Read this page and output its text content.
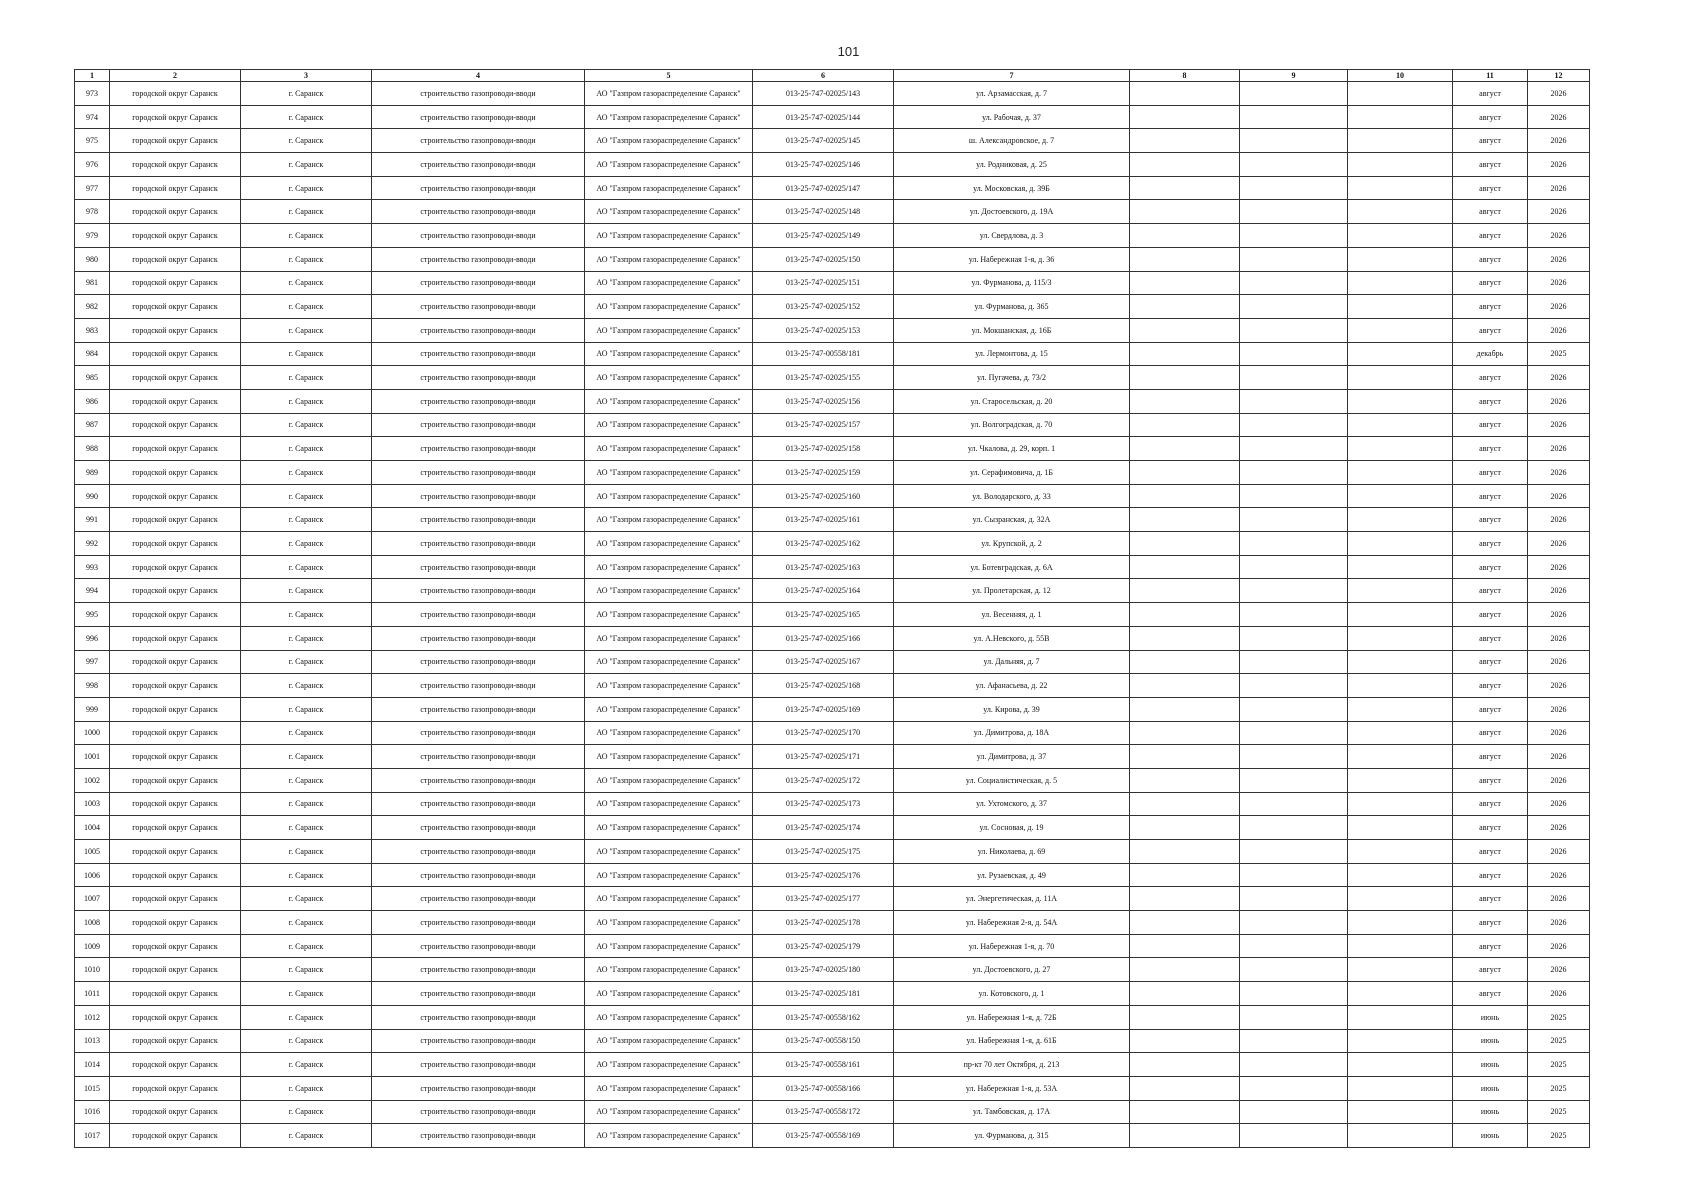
101
1	2	3	4	5	6	7	8	9	10	11	12
973	городской округ Саранск	г. Саранск	строительство газопроводи-вводи	АО "Газпром газораспределение Саранск"	013-25-747-02025/143	ул. Арзамасская, д. 7				август	2026
974	городской округ Саранск	г. Саранск	строительство газопроводи-вводи	АО "Газпром газораспределение Саранск"	013-25-747-02025/144	ул. Рабочая, д. 37				август	2026
975	городской округ Саранск	г. Саранск	строительство газопроводи-вводи	АО "Газпром газораспределение Саранск"	013-25-747-02025/145	ш. Александровское, д. 7				август	2026
976	городской округ Саранск	г. Саранск	строительство газопроводи-вводи	АО "Газпром газораспределение Саранск"	013-25-747-02025/146	ул. Родниковая, д. 25				август	2026
977	городской округ Саранск	г. Саранск	строительство газопроводи-вводи	АО "Газпром газораспределение Саранск"	013-25-747-02025/147	ул. Московская, д. 39Б				август	2026
978	городской округ Саранск	г. Саранск	строительство газопроводи-вводи	АО "Газпром газораспределение Саранск"	013-25-747-02025/148	ул. Достоевского, д. 19А				август	2026
979	городской округ Саранск	г. Саранск	строительство газопроводи-вводи	АО "Газпром газораспределение Саранск"	013-25-747-02025/149	ул. Свердлова, д. 3				август	2026
980	городской округ Саранск	г. Саранск	строительство газопроводи-вводи	АО "Газпром газораспределение Саранск"	013-25-747-02025/150	ул. Набережная 1-я, д. 36				август	2026
981	городской округ Саранск	г. Саранск	строительство газопроводи-вводи	АО "Газпром газораспределение Саранск"	013-25-747-02025/151	ул. Фурманова, д. 115/3				август	2026
982	городской округ Саранск	г. Саранск	строительство газопроводи-вводи	АО "Газпром газораспределение Саранск"	013-25-747-02025/152	ул. Фурманова, д. 365				август	2026
983	городской округ Саранск	г. Саранск	строительство газопроводи-вводи	АО "Газпром газораспределение Саранск"	013-25-747-02025/153	ул. Мокшанская, д. 16Б				август	2026
984	городской округ Саранск	г. Саранск	строительство газопроводи-вводи	АО "Газпром газораспределение Саранск"	013-25-747-00558/181	ул. Лермонтова, д. 15				декабрь	2025
985	городской округ Саранск	г. Саранск	строительство газопроводи-вводи	АО "Газпром газораспределение Саранск"	013-25-747-02025/155	ул. Пугачева, д. 73/2				август	2026
986	городской округ Саранск	г. Саранск	строительство газопроводи-вводи	АО "Газпром газораспределение Саранск"	013-25-747-02025/156	ул. Старосельская, д. 20				август	2026
987	городской округ Саранск	г. Саранск	строительство газопроводи-вводи	АО "Газпром газораспределение Саранск"	013-25-747-02025/157	ул. Волгоградская, д. 70				август	2026
988	городской округ Саранск	г. Саранск	строительство газопроводи-вводи	АО "Газпром газораспределение Саранск"	013-25-747-02025/158	ул. Чкалова, д. 29, корп. 1				август	2026
989	городской округ Саранск	г. Саранск	строительство газопроводи-вводи	АО "Газпром газораспределение Саранск"	013-25-747-02025/159	ул. Серафимовича, д. 1Б				август	2026
990	городской округ Саранск	г. Саранск	строительство газопроводи-вводи	АО "Газпром газораспределение Саранск"	013-25-747-02025/160	ул. Володарского, д. 33				август	2026
991	городской округ Саранск	г. Саранск	строительство газопроводи-вводи	АО "Газпром газораспределение Саранск"	013-25-747-02025/161	ул. Сызранская, д. 32А				август	2026
992	городской округ Саранск	г. Саранск	строительство газопроводи-вводи	АО "Газпром газораспределение Саранск"	013-25-747-02025/162	ул. Крупской, д. 2				август	2026
993	городской округ Саранск	г. Саранск	строительство газопроводи-вводи	АО "Газпром газораспределение Саранск"	013-25-747-02025/163	ул. Ботевградская, д. 6А				август	2026
994	городской округ Саранск	г. Саранск	строительство газопроводи-вводи	АО "Газпром газораспределение Саранск"	013-25-747-02025/164	ул. Пролетарская, д. 12				август	2026
995	городской округ Саранск	г. Саранск	строительство газопроводи-вводи	АО "Газпром газораспределение Саранск"	013-25-747-02025/165	ул. Весенняя, д. 1				август	2026
996	городской округ Саранск	г. Саранск	строительство газопроводи-вводи	АО "Газпром газораспределение Саранск"	013-25-747-02025/166	ул. А.Невского, д. 55В				август	2026
997	городской округ Саранск	г. Саранск	строительство газопроводи-вводи	АО "Газпром газораспределение Саранск"	013-25-747-02025/167	ул. Дальняя, д. 7				август	2026
998	городской округ Саранск	г. Саранск	строительство газопроводи-вводи	АО "Газпром газораспределение Саранск"	013-25-747-02025/168	ул. Афанасьева, д. 22				август	2026
999	городской округ Саранск	г. Саранск	строительство газопроводи-вводи	АО "Газпром газораспределение Саранск"	013-25-747-02025/169	ул. Кирова, д. 39				август	2026
1000	городской округ Саранск	г. Саранск	строительство газопроводи-вводи	АО "Газпром газораспределение Саранск"	013-25-747-02025/170	ул. Димитрова, д. 18А				август	2026
1001	городской округ Саранск	г. Саранск	строительство газопроводи-вводи	АО "Газпром газораспределение Саранск"	013-25-747-02025/171	ул. Димитрова, д. 37				август	2026
1002	городской округ Саранск	г. Саранск	строительство газопроводи-вводи	АО "Газпром газораспределение Саранск"	013-25-747-02025/172	ул. Социалистическая, д. 5				август	2026
1003	городской округ Саранск	г. Саранск	строительство газопроводи-вводи	АО "Газпром газораспределение Саранск"	013-25-747-02025/173	ул. Ухтомского, д. 37				август	2026
1004	городской округ Саранск	г. Саранск	строительство газопроводи-вводи	АО "Газпром газораспределение Саранск"	013-25-747-02025/174	ул. Сосновая, д. 19				август	2026
1005	городской округ Саранск	г. Саранск	строительство газопроводи-вводи	АО "Газпром газораспределение Саранск"	013-25-747-02025/175	ул. Николаева, д. 69				август	2026
1006	городской округ Саранск	г. Саранск	строительство газопроводи-вводи	АО "Газпром газораспределение Саранск"	013-25-747-02025/176	ул. Рузаевская, д. 49				август	2026
1007	городской округ Саранск	г. Саранск	строительство газопроводи-вводи	АО "Газпром газораспределение Саранск"	013-25-747-02025/177	ул. Энергетическая, д. 11А				август	2026
1008	городской округ Саранск	г. Саранск	строительство газопроводи-вводи	АО "Газпром газораспределение Саранск"	013-25-747-02025/178	ул. Набережная 2-я, д. 54А				август	2026
1009	городской округ Саранск	г. Саранск	строительство газопроводи-вводи	АО "Газпром газораспределение Саранск"	013-25-747-02025/179	ул. Набережная 1-я, д. 70				август	2026
1010	городской округ Саранск	г. Саранск	строительство газопроводи-вводи	АО "Газпром газораспределение Саранск"	013-25-747-02025/180	ул. Достоевского, д. 27				август	2026
1011	городской округ Саранск	г. Саранск	строительство газопроводи-вводи	АО "Газпром газораспределение Саранск"	013-25-747-02025/181	ул. Котовского, д. 1				август	2026
1012	городской округ Саранск	г. Саранск	строительство газопроводи-вводи	АО "Газпром газораспределение Саранск"	013-25-747-00558/162	ул. Набережная 1-я, д. 72Б				июнь	2025
1013	городской округ Саранск	г. Саранск	строительство газопроводи-вводи	АО "Газпром газораспределение Саранск"	013-25-747-00558/150	ул. Набережная 1-я, д. 61Б				июнь	2025
1014	городской округ Саранск	г. Саранск	строительство газопроводи-вводи	АО "Газпром газораспределение Саранск"	013-25-747-00558/161	пр-кт 70 лет Октября, д. 213				июнь	2025
1015	городской округ Саранск	г. Саранск	строительство газопроводи-вводи	АО "Газпром газораспределение Саранск"	013-25-747-00558/166	ул. Набережная 1-я, д. 53А				июнь	2025
1016	городской округ Саранск	г. Саранск	строительство газопроводи-вводи	АО "Газпром газораспределение Саранск"	013-25-747-00558/172	ул. Тамбовская, д. 17А				июнь	2025
1017	городской округ Саранск	г. Саранск	строительство газопроводи-вводи	АО "Газпром газораспределение Саранск"	013-25-747-00558/169	ул. Фурманова, д. 315				июнь	2025
